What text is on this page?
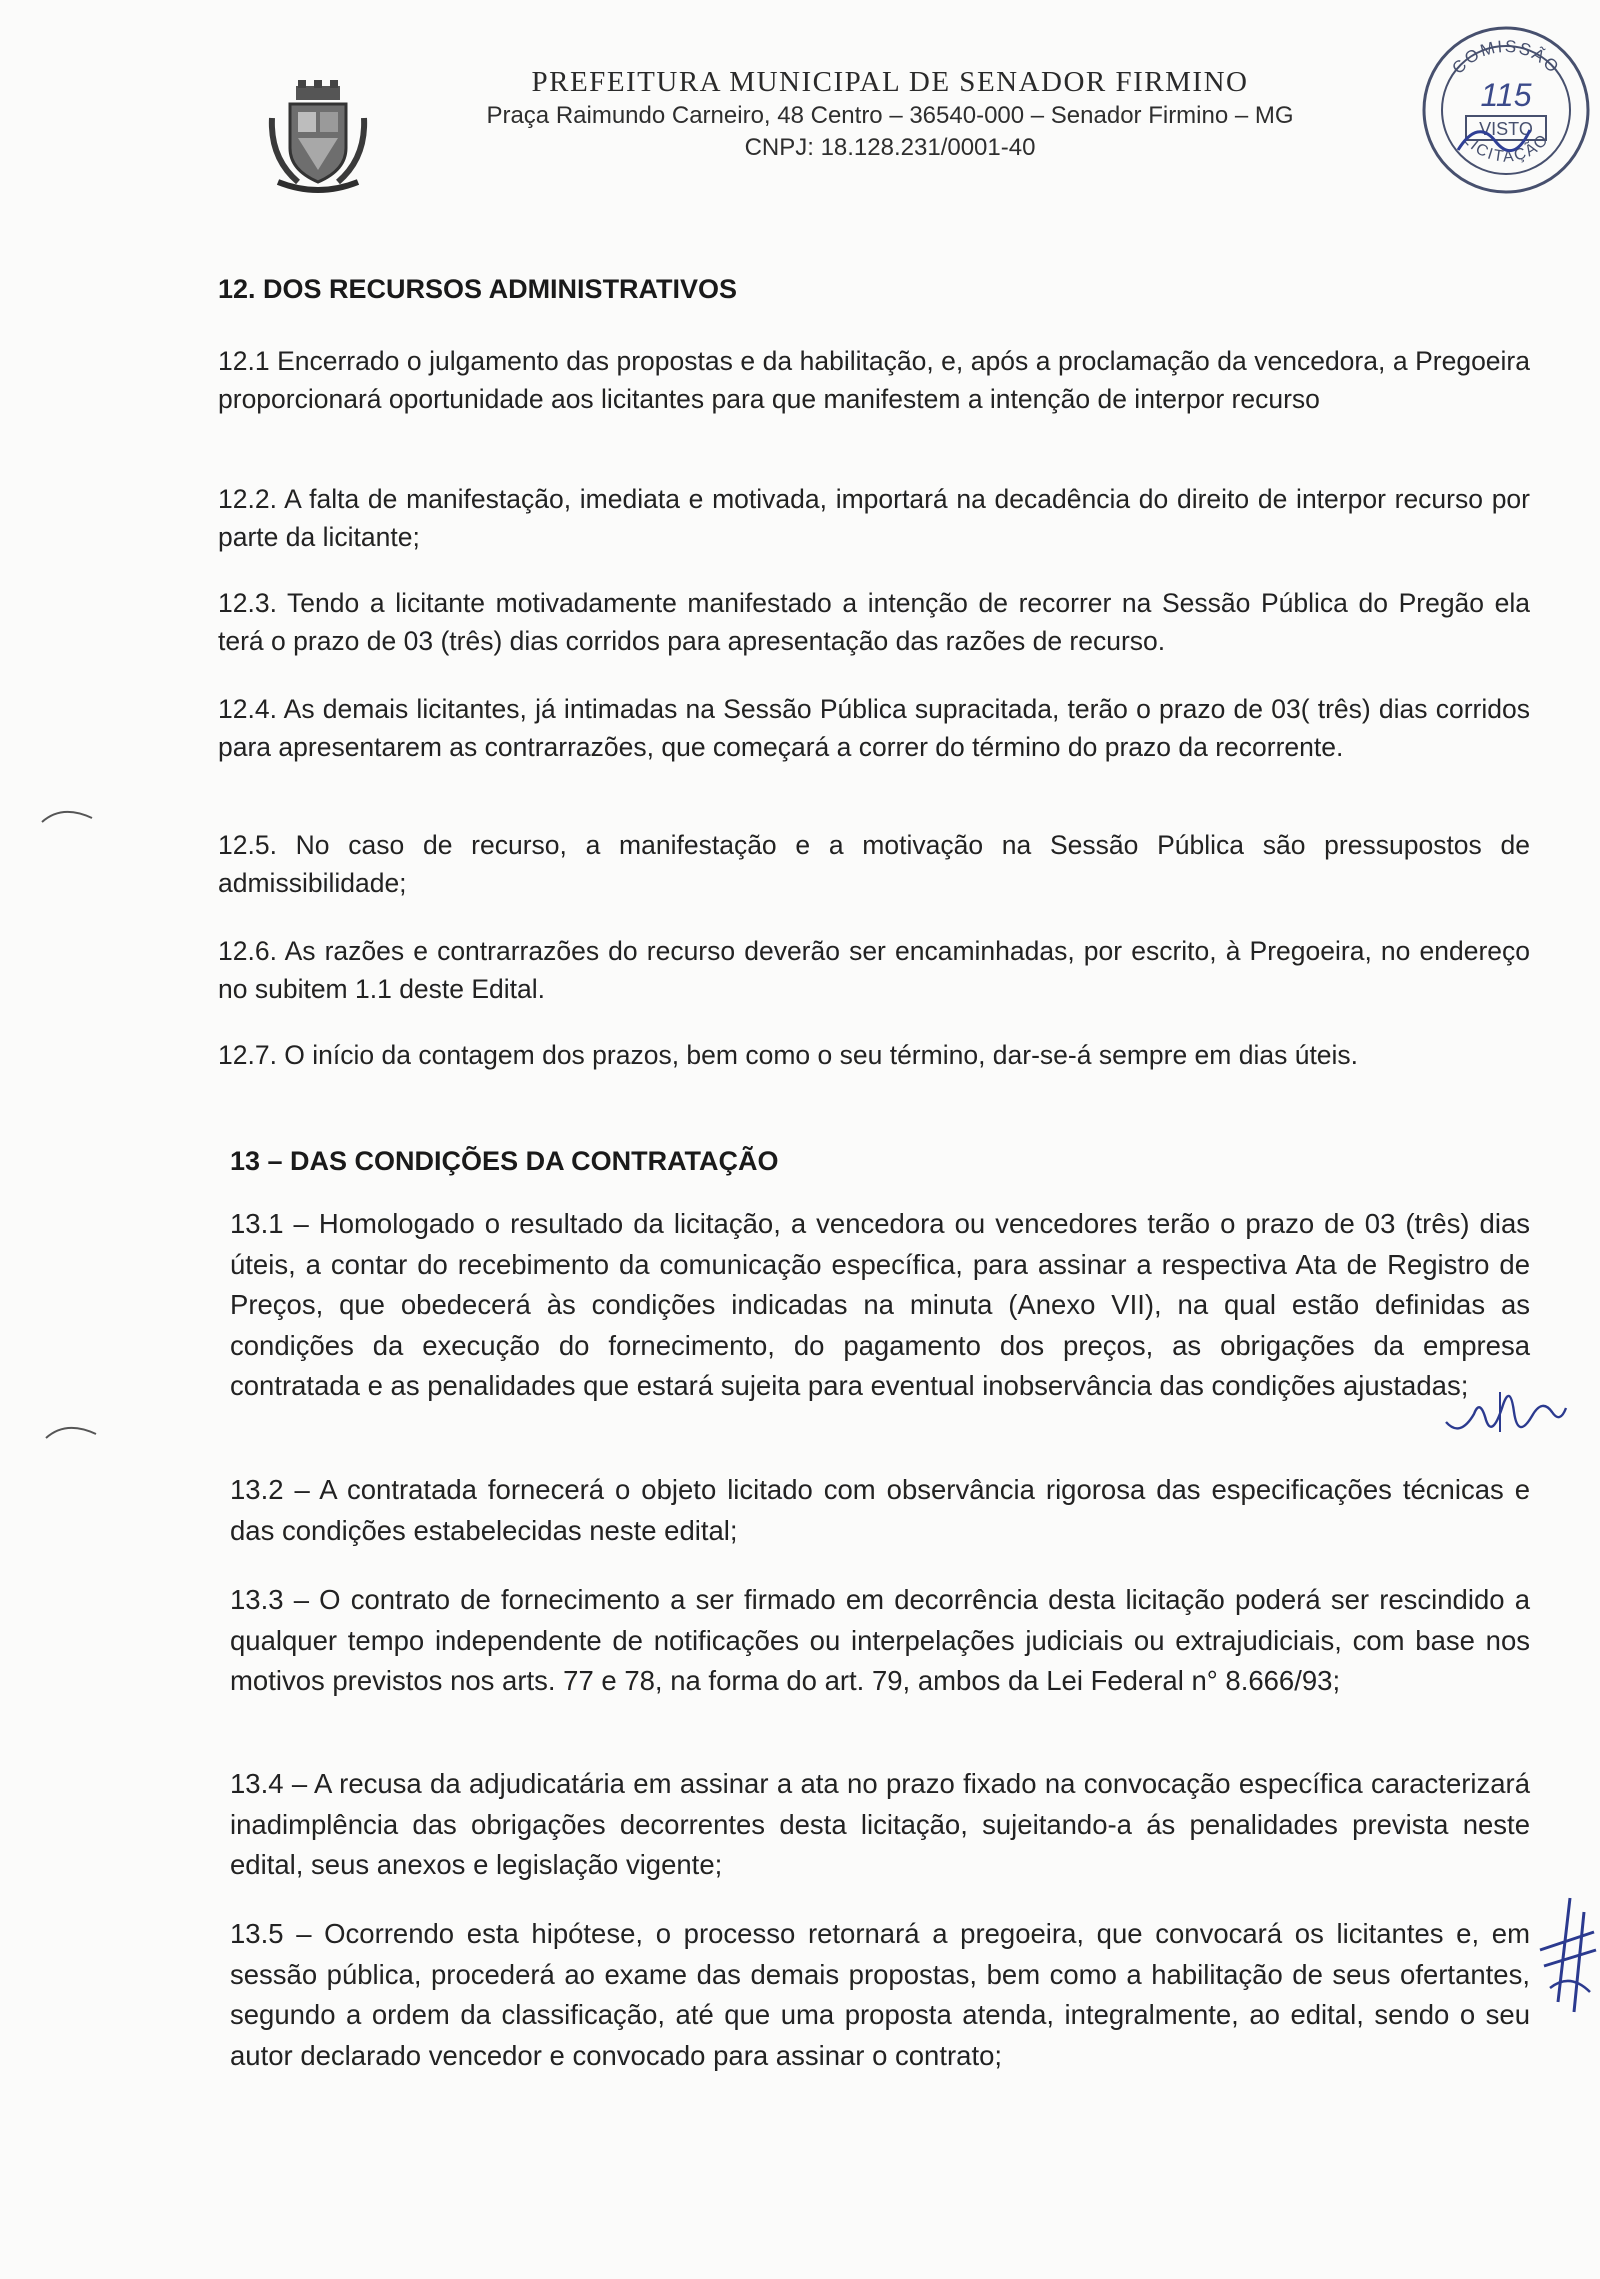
PREFEITURA MUNICIPAL DE SENADOR FIRMINO
Praça Raimundo Carneiro, 48 Centro – 36540-000 – Senador Firmino – MG
CNPJ: 18.128.231/0001-40
COMISSÃO
115
VISTO
LICITAÇÃO
12. DOS RECURSOS ADMINISTRATIVOS
12.1 Encerrado o julgamento das propostas e da habilitação, e, após a proclamação da vencedora, a Pregoeira proporcionará oportunidade aos licitantes para que manifestem a intenção de interpor recurso
12.2. A falta de manifestação, imediata e motivada, importará na decadência do direito de interpor recurso por parte da licitante;
12.3. Tendo a licitante motivadamente manifestado a intenção de recorrer na Sessão Pública do Pregão ela terá o prazo de 03 (três) dias corridos para apresentação das razões de recurso.
12.4. As demais licitantes, já intimadas na Sessão Pública supracitada, terão o prazo de 03( três) dias corridos para apresentarem as contrarrazões, que começará a correr do término do prazo da recorrente.
12.5. No caso de recurso, a manifestação e a motivação na Sessão Pública são pressupostos de admissibilidade;
12.6. As razões e contrarrazões do recurso deverão ser encaminhadas, por escrito, à Pregoeira, no endereço no subitem 1.1 deste Edital.
12.7. O início da contagem dos prazos, bem como o seu término, dar-se-á sempre em dias úteis.
13 – DAS CONDIÇÕES DA CONTRATAÇÃO
13.1 – Homologado o resultado da licitação, a vencedora ou vencedores terão o prazo de 03 (três) dias úteis, a contar do recebimento da comunicação específica, para assinar a respectiva Ata de Registro de Preços, que obedecerá às condições indicadas na minuta (Anexo VII), na qual estão definidas as condições da execução do fornecimento, do pagamento dos preços, as obrigações da empresa contratada e as penalidades que estará sujeita para eventual inobservância das condições ajustadas;
13.2 – A contratada fornecerá o objeto licitado com observância rigorosa das especificações técnicas e das condições estabelecidas neste edital;
13.3 – O contrato de fornecimento a ser firmado em decorrência desta licitação poderá ser rescindido a qualquer tempo independente de notificações ou interpelações judiciais ou extrajudiciais, com base nos motivos previstos nos arts. 77 e 78, na forma do art. 79, ambos da Lei Federal n° 8.666/93;
13.4 – A recusa da adjudicatária em assinar a ata no prazo fixado na convocação específica caracterizará inadimplência das obrigações decorrentes desta licitação, sujeitando-a ás penalidades prevista neste edital, seus anexos e legislação vigente;
13.5 – Ocorrendo esta hipótese, o processo retornará a pregoeira, que convocará os licitantes e, em sessão pública, procederá ao exame das demais propostas, bem como a habilitação de seus ofertantes, segundo a ordem da classificação, até que uma proposta atenda, integralmente, ao edital, sendo o seu autor declarado vencedor e convocado para assinar o contrato;
